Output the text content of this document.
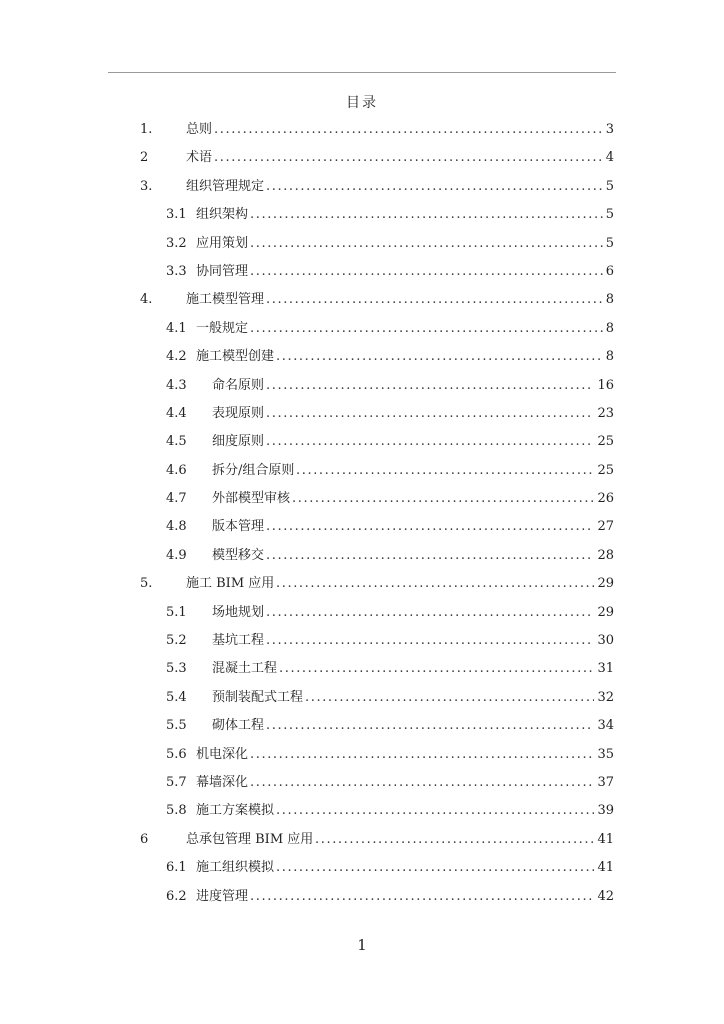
目录
1.	总则 .....	3
2	术语 .....	4
3.	组织管理规定 .....	5
3.1 组织架构 .....	5
3.2 应用策划 .....	5
3.3 协同管理 .....	6
4.	施工模型管理 .....	8
4.1 一般规定 .....	8
4.2 施工模型创建 .....	8
4.3 命名原则 .....	16
4.4 表现原则 .....	23
4.5 细度原则 .....	25
4.6 拆分/组合原则 .....	25
4.7 外部模型审核 .....	26
4.8 版本管理 .....	27
4.9 模型移交 .....	28
5.	施工 BIM 应用 .....	29
5.1 场地规划 .....	29
5.2 基坑工程 .....	30
5.3 混凝土工程 .....	31
5.4 预制装配式工程 .....	32
5.5 砌体工程 .....	34
5.6 机电深化 .....	35
5.7 幕墙深化 .....	37
5.8 施工方案模拟 .....	39
6	总承包管理 BIM 应用 .....	41
6.1 施工组织模拟 .....	41
6.2 进度管理 .....	42
1
